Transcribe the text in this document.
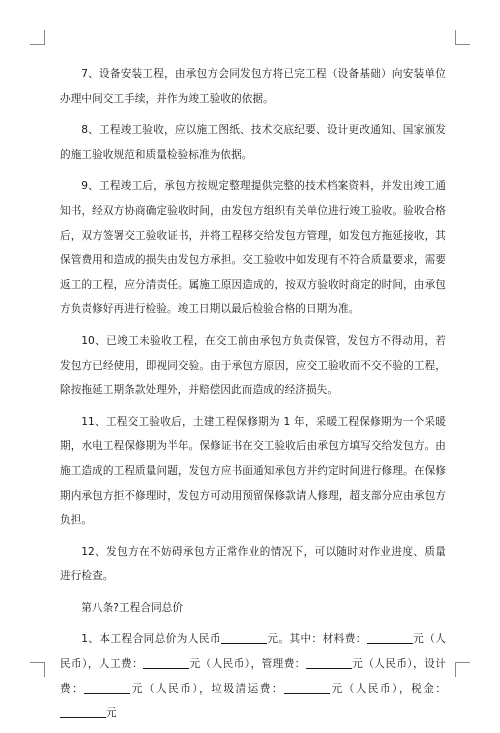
7、设备安装工程，由承包方会同发包方将已完工程（设备基础）向安装单位办理中间交工手续，并作为竣工验收的依据。

8、工程竣工验收，应以施工图纸、技术交底纪要、设计更改通知、国家颁发的施工验收规范和质量检验标准为依据。

9、工程竣工后，承包方按规定整理提供完整的技术档案资料，并发出竣工通知书，经双方协商确定验收时间，由发包方组织有关单位进行竣工验收。验收合格后，双方签署交工验收证书，并将工程移交给发包方管理，如发包方拖延接收，其保管费用和造成的损失由发包方承担。交工验收中如发现有不符合质量要求，需要返工的工程，应分清责任。属施工原因造成的，按双方验收时商定的时间，由承包方负责修好再进行检验。竣工日期以最后检验合格的日期为准。

10、已竣工未验收工程，在交工前由承包方负责保管，发包方不得动用，若发包方已经使用，即视同交验。由于承包方原因，应交工验收而不交不验的工程，除按拖延工期条款处理外，并赔偿因此而造成的经济损失。

11、工程交工验收后，土建工程保修期为 1 年，采暖工程保修期为一个采暖期，水电工程保修期为半年。保修证书在交工验收后由承包方填写交给发包方。由施工造成的工程质量问题，发包方应书面通知承包方并约定时间进行修理。在保修期内承包方拒不修理时，发包方可动用预留保修款请人修理，超支部分应由承包方负担。

12、发包方在不妨碍承包方正常作业的情况下，可以随时对作业进度、质量进行检查。

第八条?工程合同总价

1、本工程合同总价为人民币	元。其中：材料费：	元（人民币），人工费：	元（人民币），管理费：	元（人民币），设计费：	元（人民币），垃圾清运费：	元（人民币），税金：元
